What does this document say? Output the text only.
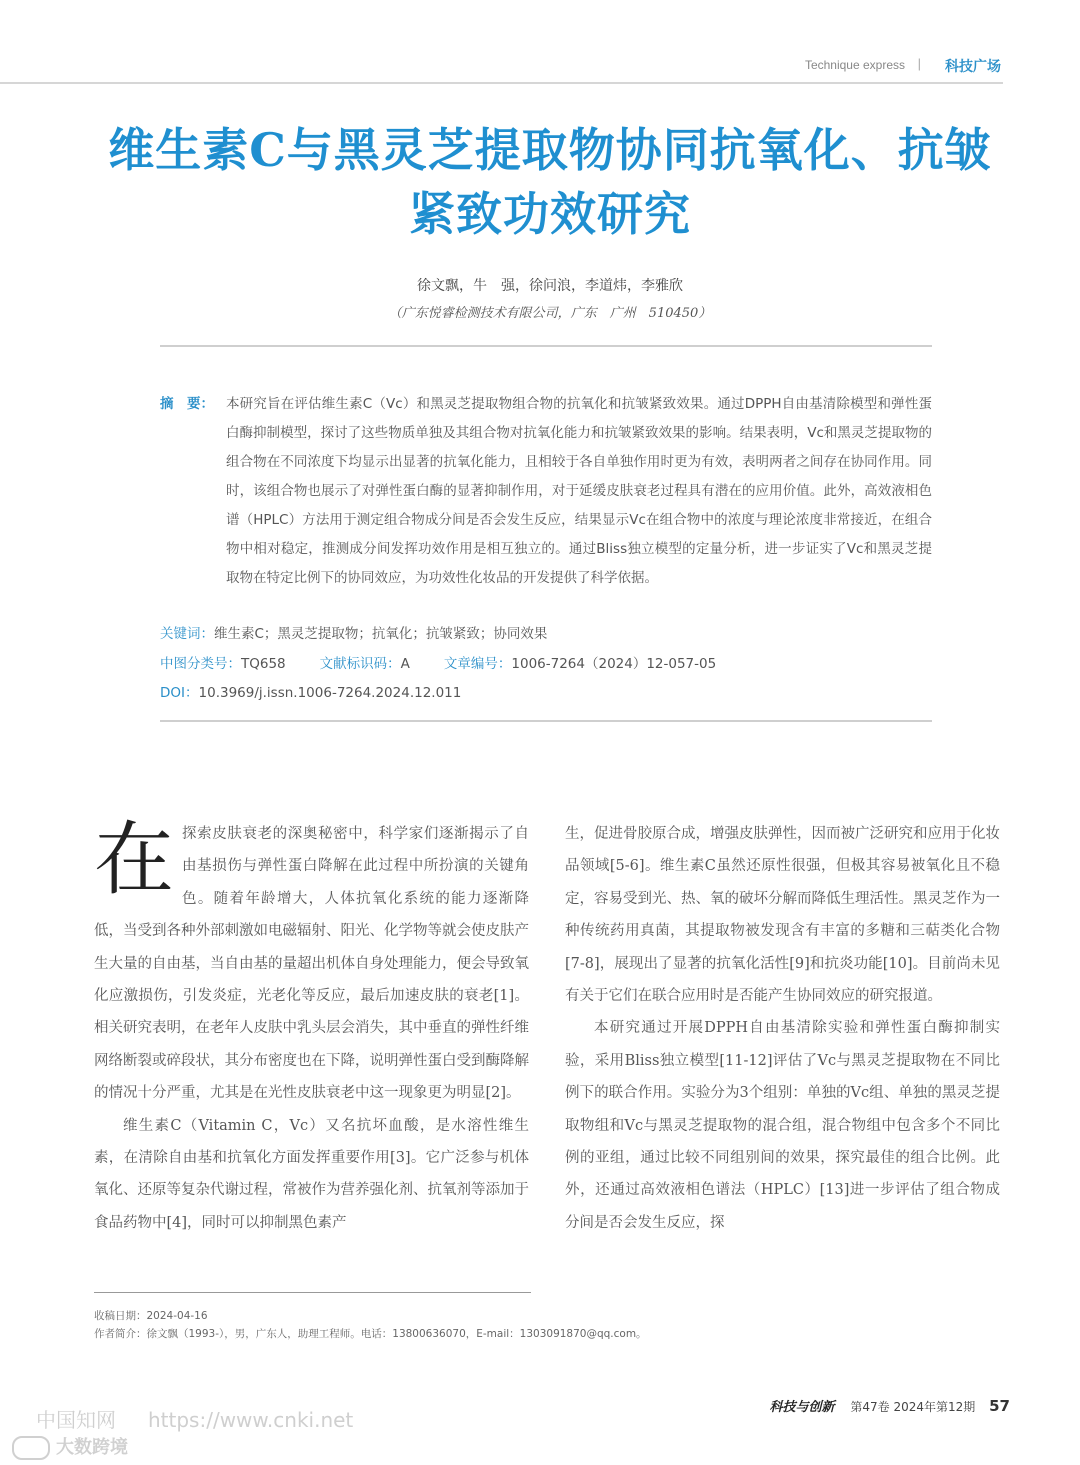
Technique express | 科技广场
维生素C与黑灵芝提取物协同抗氧化、抗皱
紧致功效研究
徐文飘，牛　强，徐问浪，李道炜，李雅欣
（广东悦睿检测技术有限公司，广东　广州　510450）
摘　要： 本研究旨在评估维生素C（Vc）和黑灵芝提取物组合物的抗氧化和抗皱紧致效果。通过DPPH自由基清除模型和弹性蛋白酶抑制模型，探讨了这些物质单独及其组合物对抗氧化能力和抗皱紧致效果的影响。结果表明，Vc和黑灵芝提取物的组合物在不同浓度下均显示出显著的抗氧化能力，且相较于各自单独作用时更为有效，表明两者之间存在协同作用。同时，该组合物也展示了对弹性蛋白酶的显著抑制作用，对于延缓皮肤衰老过程具有潜在的应用价值。此外，高效液相色谱（HPLC）方法用于测定组合物成分间是否会发生反应，结果显示Vc在组合物中的浓度与理论浓度非常接近，在组合物中相对稳定，推测成分间发挥功效作用是相互独立的。通过Bliss独立模型的定量分析，进一步证实了Vc和黑灵芝提取物在特定比例下的协同效应，为功效性化妆品的开发提供了科学依据。
关键词：维生素C；黑灵芝提取物；抗氧化；抗皱紧致；协同效果
中图分类号：TQ658	文献标识码：A	文章编号：1006-7264（2024）12-057-05
DOI：10.3969/j.issn.1006-7264.2024.12.011

在探索皮肤衰老的深奥秘密中，科学家们逐渐揭示了自由基损伤与弹性蛋白降解在此过程中所扮演的关键角色。随着年龄增大，人体抗氧化系统的能力逐渐降低，当受到各种外部刺激如电磁辐射、阳光、化学物等就会使皮肤产生大量的自由基，当自由基的量超出机体自身处理能力，便会导致氧化应激损伤，引发炎症，光老化等反应，最后加速皮肤的衰老[1]。相关研究表明，在老年人皮肤中乳头层会消失，其中垂直的弹性纤维网络断裂或碎段状，其分布密度也在下降，说明弹性蛋白受到酶降解的情况十分严重，尤其是在光性皮肤衰老中这一现象更为明显[2]。

维生素C（Vitamin C，Vc）又名抗坏血酸，是水溶性维生素，在清除自由基和抗氧化方面发挥重要作用[3]。它广泛参与机体氧化、还原等复杂代谢过程，常被作为营养强化剂、抗氧剂等添加于食品药物中[4]，同时可以抑制黑色素产

生，促进骨胶原合成，增强皮肤弹性，因而被广泛研究和应用于化妆品领域[5-6]。维生素C虽然还原性很强，但极其容易被氧化且不稳定，容易受到光、热、氧的破坏分解而降低生理活性。黑灵芝作为一种传统药用真菌，其提取物被发现含有丰富的多糖和三萜类化合物[7-8]，展现出了显著的抗氧化活性[9]和抗炎功能[10]。目前尚未见有关于它们在联合应用时是否能产生协同效应的研究报道。

本研究通过开展DPPH自由基清除实验和弹性蛋白酶抑制实验，采用Bliss独立模型[11-12]评估了Vc与黑灵芝提取物在不同比例下的联合作用。实验分为3个组别：单独的Vc组、单独的黑灵芝提取物组和Vc与黑灵芝提取物的混合组，混合物组中包含多个不同比例的亚组，通过比较不同组别间的效果，探究最佳的组合比例。此外，还通过高效液相色谱法（HPLC）[13]进一步评估了组合物成分间是否会发生反应，探

收稿日期：2024-04-16
作者简介：徐文飘（1993-），男，广东人，助理工程师。电话：13800636070，E-mail：1303091870@qq.com。
科技与创新 第47卷 2024年第12期 57
中国知网 https://www.cnki.net
大数跨境
